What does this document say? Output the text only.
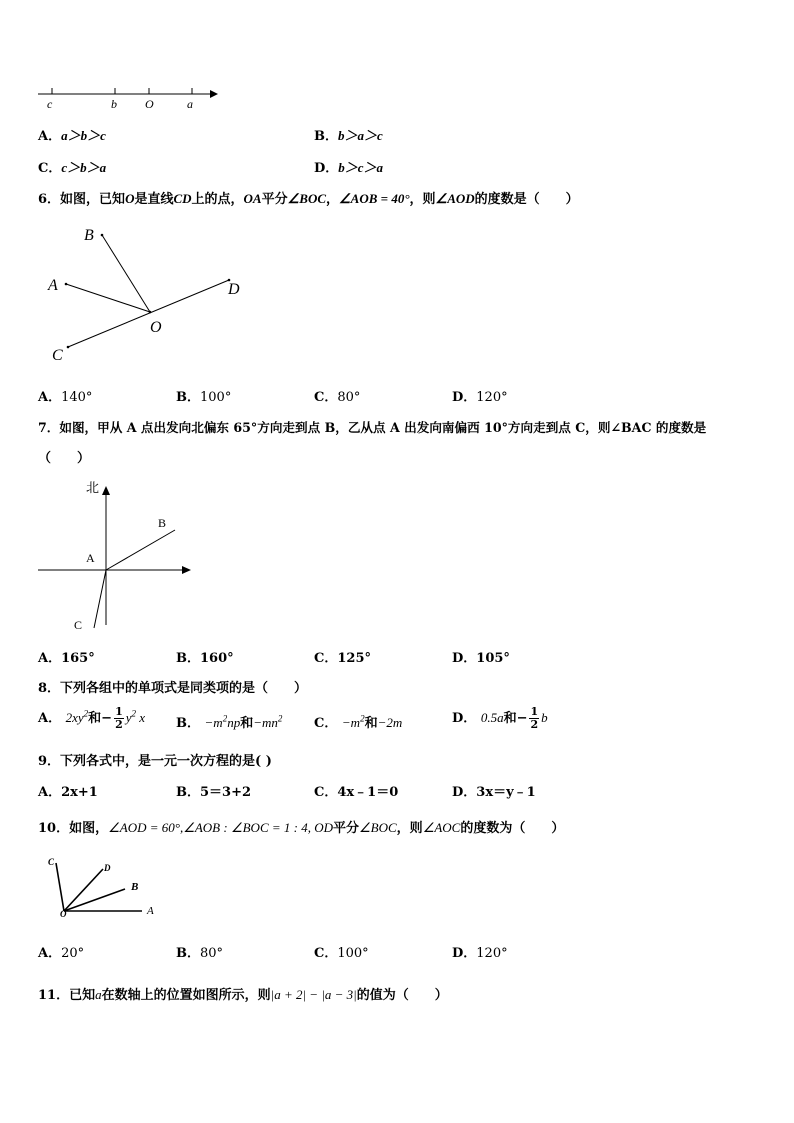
c	b O	a
A．a＞b＞c	B．b＞a＞c
C．c＞b＞a	D．b＞c＞a
6．如图，已知O是直线CD上的点，OA平分∠BOC，∠AOB = 40°，则∠AOD的度数是（　　）
B
A	D
O
C
A．140°	B．100°	C．80°	D．120°
7．如图，甲从 A 点出发向北偏东 65°方向走到点 B，乙从点 A 出发向南偏西 10°方向走到点 C，则∠BAC 的度数是
（　　）
北
A
B
C
A．165°	B．160°	C．125°	D．105°
8．下列各组中的单项式是同类项的是（　　）
A． $2xy^2$和− $\frac{1}{2} y^2$ x B． $-m^2np$和$-mn^2$ C． $-m^2$和−2m	D． 0.5a和− $\frac{1}{2}$ b
9．下列各式中，是一元一次方程的是( )
A．2x+1	B．5＝3+2	C．4x﹣1＝0	D．3x＝y﹣1
10．如图，∠AOD = 60°,∠AOB : ∠BOC = 1 : 4, OD平分∠BOC，则∠AOC的度数为（　　）
C
D
B
O	A
A．20°	B．80°	C．100°	D．120°
11．已知a在数轴上的位置如图所示，则|a + 2| − |a − 3|的值为（　　）
